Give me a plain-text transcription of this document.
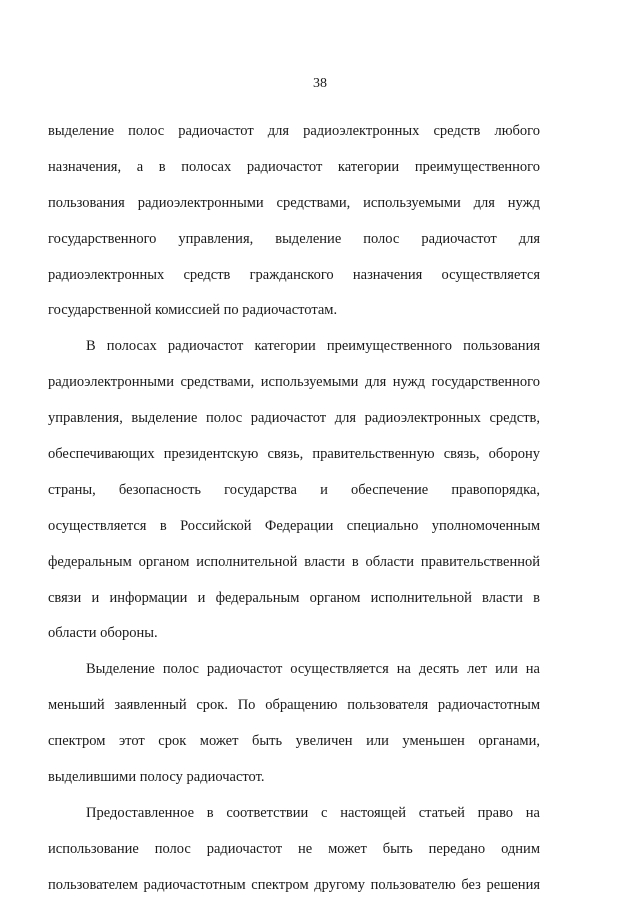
38

выделение полос радиочастот для радиоэлектронных средств любого
назначения, а в полосах радиочастот категории преимущественного
пользования радиоэлектронными средствами, используемыми для нужд
государственного управления, выделение полос радиочастот для
радиоэлектронных средств гражданского назначения осуществляется
государственной комиссией по радиочастотам.

В полосах радиочастот категории преимущественного пользования
радиоэлектронными средствами, используемыми для нужд государственного
управления, выделение полос радиочастот для радиоэлектронных средств,
обеспечивающих президентскую связь, правительственную связь, оборону
страны, безопасность государства и обеспечение правопорядка,
осуществляется в Российской Федерации специально уполномоченным
федеральным органом исполнительной власти в области правительственной
связи и информации и федеральным органом исполнительной власти в
области обороны.

Выделение полос радиочастот осуществляется на десять лет или на
меньший заявленный срок. По обращению пользователя радиочастотным
спектром этот срок может быть увеличен или уменьшен органами,
выделившими полосу радиочастот.

Предоставленное в соответствии с настоящей статьей право на
использование полос радиочастот не может быть передано одним
пользователем радиочастотным спектром другому пользователю без решения
